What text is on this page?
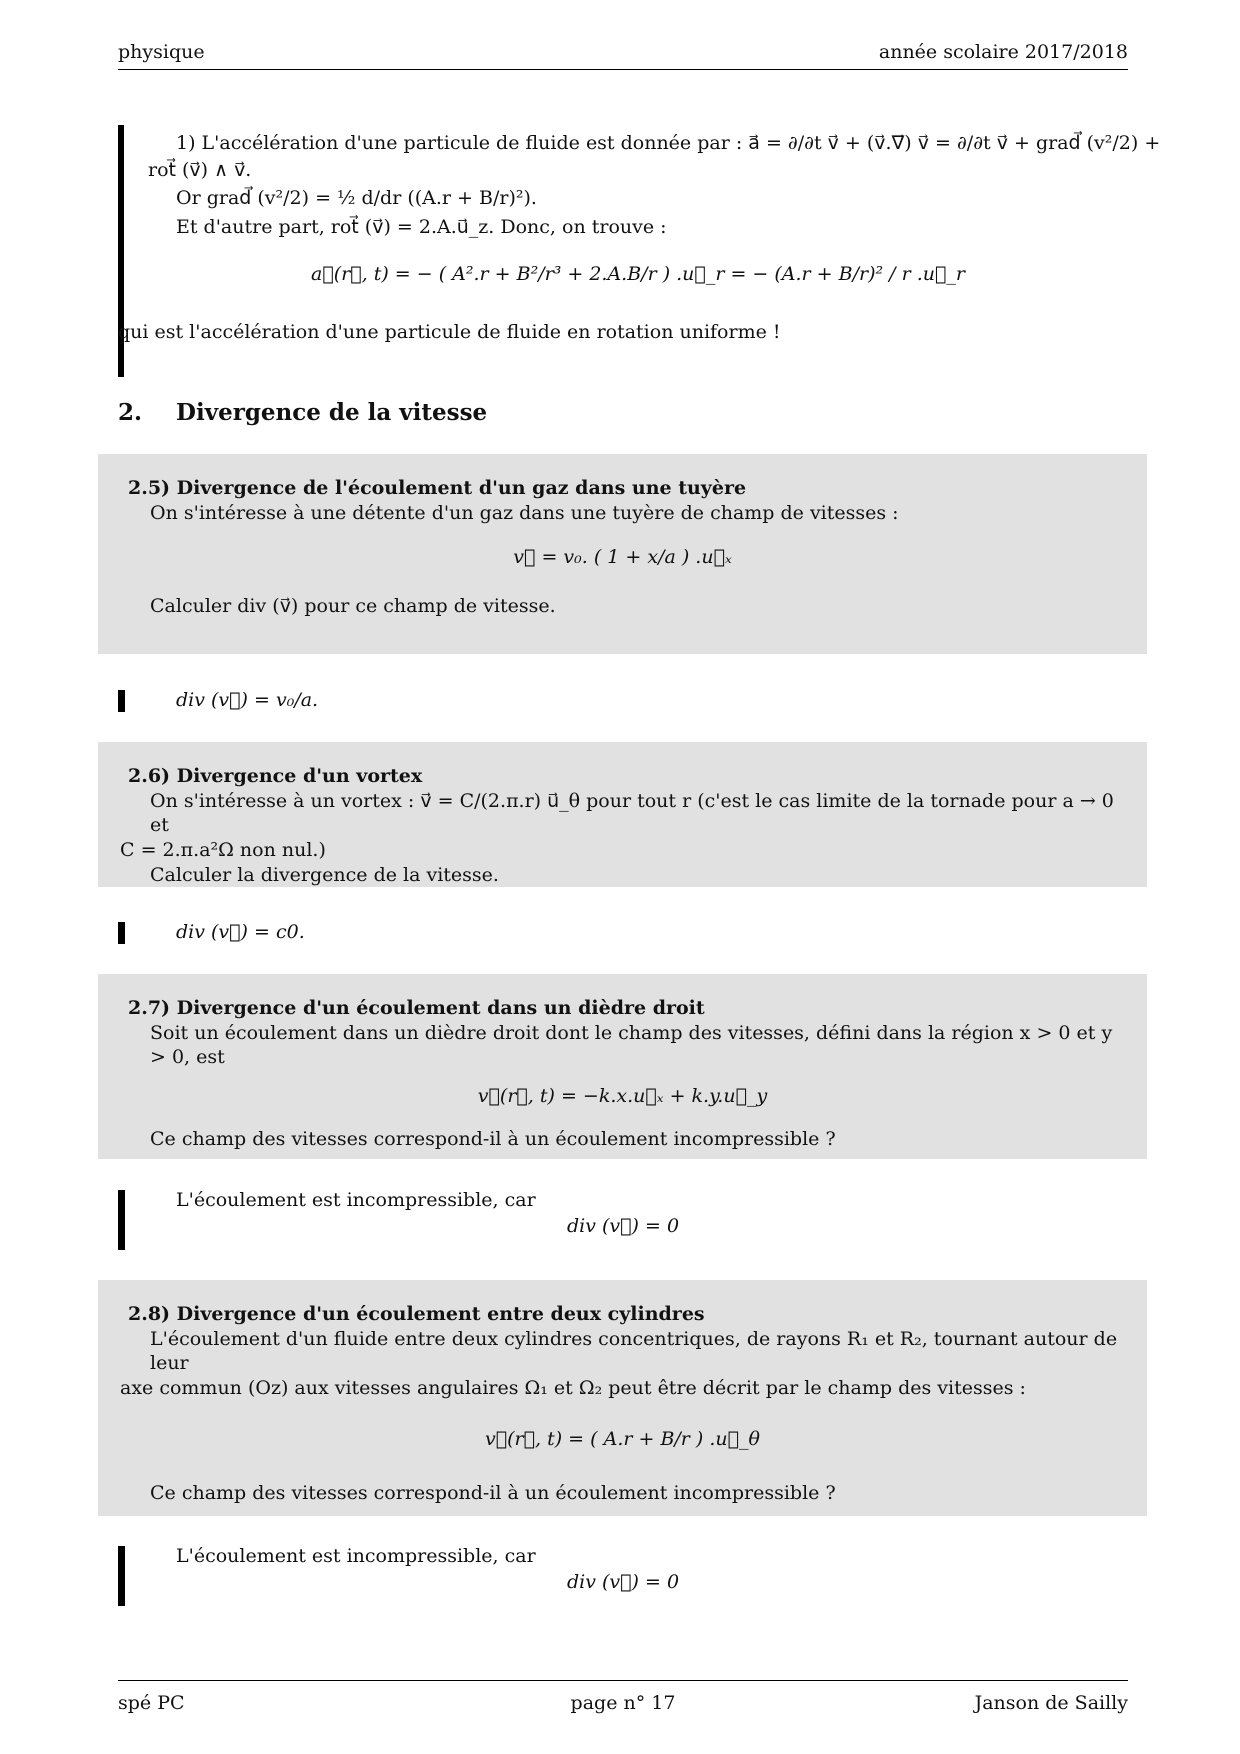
physique	année scolaire 2017/2018
1) L'accélération d'une particule de fluide est donnée par : a⃗ = ∂/∂t v⃗ + (v⃗.∇⃗) v⃗ = ∂/∂t v⃗ + grad⃗ (v²/2) +
rot⃗ (v⃗) ∧ v⃗.
Or grad⃗ (v²/2) = ½ d/dr ((A.r + B/r)²).
Et d'autre part, rot⃗ (v⃗) = 2.A.u⃗_z. Donc, on trouve :
a⃗(r⃗, t) = − ( A².r + B²/r³ + 2.A.B/r ) .u⃗_r = − (A.r + B/r)² / r .u⃗_r
qui est l'accélération d'une particule de fluide en rotation uniforme !
2. Divergence de la vitesse
2.5) Divergence de l'écoulement d'un gaz dans une tuyère
On s'intéresse à une détente d'un gaz dans une tuyère de champ de vitesses :
v⃗ = v₀. ( 1 + x/a ) .u⃗ₓ
Calculer div (v⃗) pour ce champ de vitesse.
div (v⃗) = v₀/a.
2.6) Divergence d'un vortex
On s'intéresse à un vortex : v⃗ = C/(2.π.r) u⃗_θ pour tout r (c'est le cas limite de la tornade pour a → 0 et
C = 2.π.a²Ω non nul.)
Calculer la divergence de la vitesse.
div (v⃗) = c0.
2.7) Divergence d'un écoulement dans un dièdre droit
Soit un écoulement dans un dièdre droit dont le champ des vitesses, défini dans la région x > 0 et y > 0, est
v⃗(r⃗, t) = −k.x.u⃗ₓ + k.y.u⃗_y
Ce champ des vitesses correspond-il à un écoulement incompressible ?
L'écoulement est incompressible, car
div (v⃗) = 0
2.8) Divergence d'un écoulement entre deux cylindres
L'écoulement d'un fluide entre deux cylindres concentriques, de rayons R₁ et R₂, tournant autour de leur
axe commun (Oz) aux vitesses angulaires Ω₁ et Ω₂ peut être décrit par le champ des vitesses :
v⃗(r⃗, t) = ( A.r + B/r ) .u⃗_θ
Ce champ des vitesses correspond-il à un écoulement incompressible ?
L'écoulement est incompressible, car
div (v⃗) = 0
spé PC	page n° 17	Janson de Sailly
